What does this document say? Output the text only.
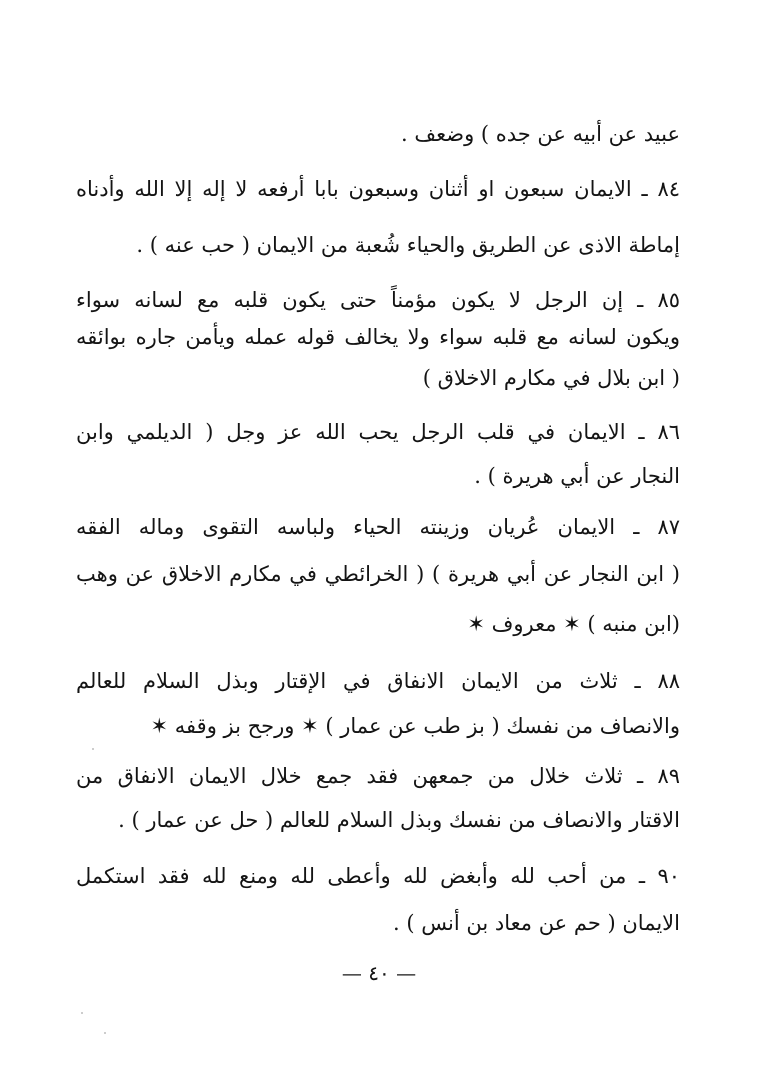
عبيد عن أبيه عن جده ) وضعف .
٨٤ ـ الايمان سبعون او أثنان وسبعون بابا أرفعه لا إله إلا الله وأدناه
إماطة الاذى عن الطريق والحياء شُعبة من الايمان ( حب عنه ) .
٨٥ ـ إن الرجل لا يكون مؤمناً حتى يكون قلبه مع لسانه سواء
ويكون لسانه مع قلبه سواء ولا يخالف قوله عمله ويأمن جاره بوائقه
( ابن بلال في مكارم الاخلاق )
٨٦ ـ الايمان في قلب الرجل يحب الله عز وجل ( الديلمي وابن
النجار عن أبي هريرة ) .
٨٧ ـ الايمان عُريان وزينته الحياء ولباسه التقوى وماله الفقه
( ابن النجار عن أبي هريرة ) ( الخرائطي في مكارم الاخلاق عن وهب
(ابن منبه ) ✶ معروف ✶
٨٨ ـ ثلاث من الايمان الانفاق في الإقتار وبذل السلام للعالم
والانصاف من نفسك ( بز طب عن عمار ) ✶ ورجح بز وقفه ✶
٨٩ ـ ثلاث خلال من جمعهن فقد جمع خلال الايمان الانفاق من
الاقتار والانصاف من نفسك وبذل السلام للعالم ( حل عن عمار ) .
٩٠ ـ من أحب لله وأبغض لله وأعطى لله ومنع لله فقد استكمل
الايمان ( حم عن معاد بن أنس ) .
— ٤٠ —
